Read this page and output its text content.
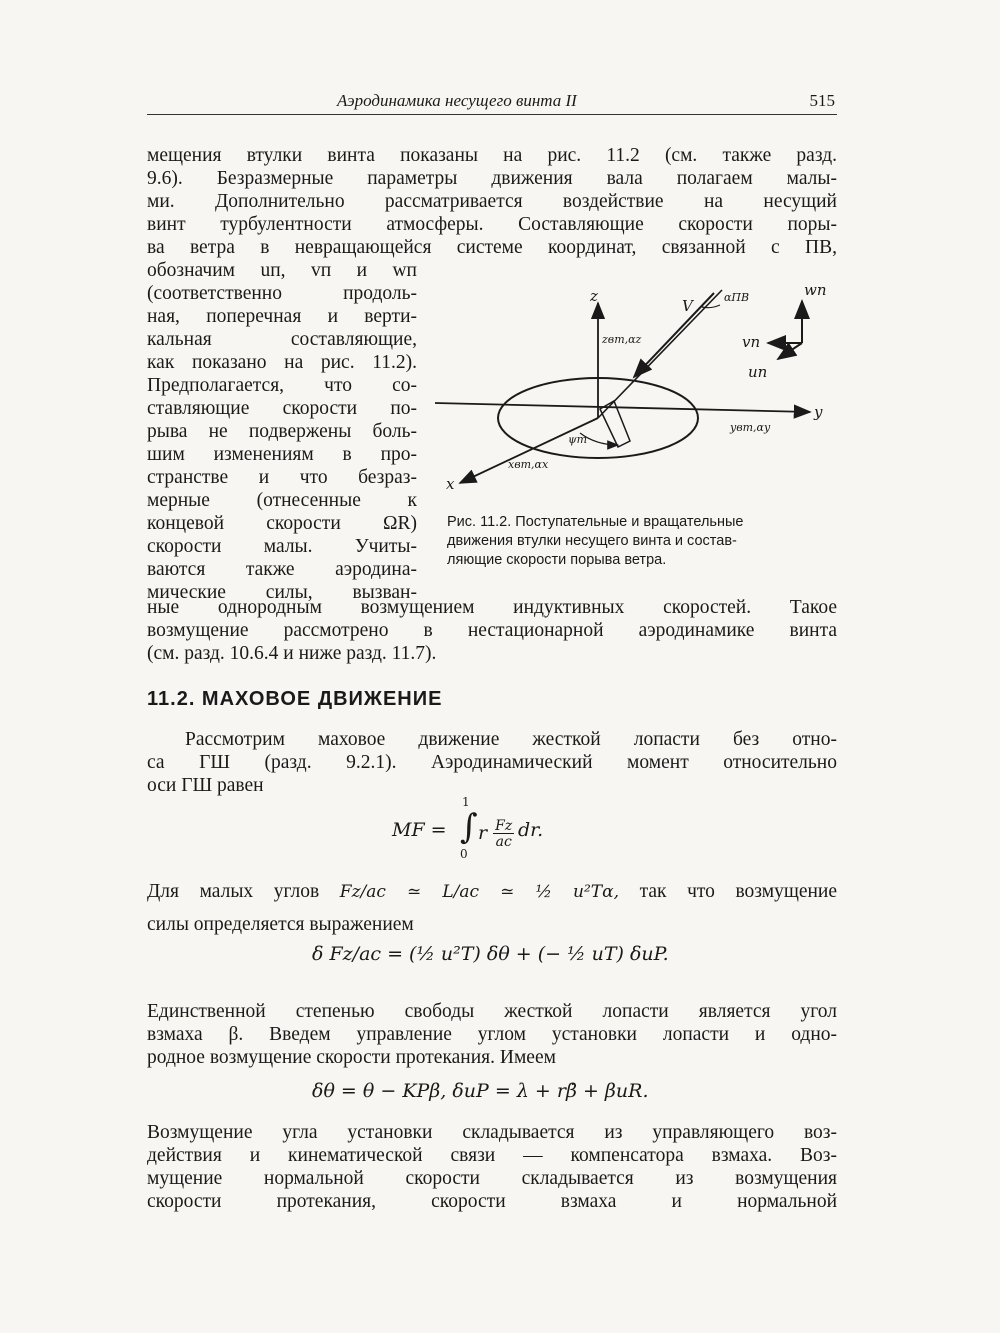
Аэродинамика несущего винта II	515

мещения втулки винта показаны на рис. 11.2 (см. также разд.
9.6). Безразмерные параметры движения вала полагаем малы-
ми. Дополнительно рассматривается воздействие на несущий
винт турбулентности атмосферы. Составляющие скорости поры-
ва ветра в невращающейся системе координат, связанной с ПВ,

обозначим uп, vп и wп
(соответственно продоль-
ная, поперечная и верти-
кальная составляющие,
как показано на рис. 11.2).
Предполагается, что со-
ставляющие скорости по-
рыва не подвержены боль-
шим изменениям в про-
странстве и что безраз-
мерные (отнесенные к
концевой скорости ΩR)
скорости малы. Учиты-
ваются также аэродина-
мические силы, вызван-

z
zвт,αz
V	αПВ	wп
vп
uп
y
yвт,αy
ψт
xвт,αx
x
Рис. 11.2. Поступательные и вращательные
движения втулки несущего винта и состав-
ляющие скорости порыва ветра.

ные однородным возмущением индуктивных скоростей. Такое
возмущение рассмотрено в нестационарной аэродинамике винта
(см. разд. 10.6.4 и ниже разд. 11.7).

11.2. МАХОВОЕ ДВИЖЕНИЕ

Рассмотрим маховое движение жесткой лопасти без отно-
са ГШ (разд. 9.2.1). Аэродинамический момент относительно
оси ГШ равен

MF =
1
∫
0
r $\frac{Fz}{ac}$ dr.

Для малых углов Fz/ac ≃ L/ac ≃ ½ u²Tα, так что возмущение
силы определяется выражением

δ Fz/ac = (½ u²T) δθ + (− ½ uT) δuP.

Единственной степенью свободы жесткой лопасти является угол
взмаха β. Введем управление углом установки лопасти и одно-
родное возмущение скорости протекания. Имеем

δθ = θ − KPβ, δuP = λ + rβ̇ + βuR.

Возмущение угла установки складывается из управляющего воз-
действия и кинематической связи — компенсатора взмаха. Воз-
мущение нормальной скорости складывается из возмущения
скорости протекания, скорости взмаха и нормальной
